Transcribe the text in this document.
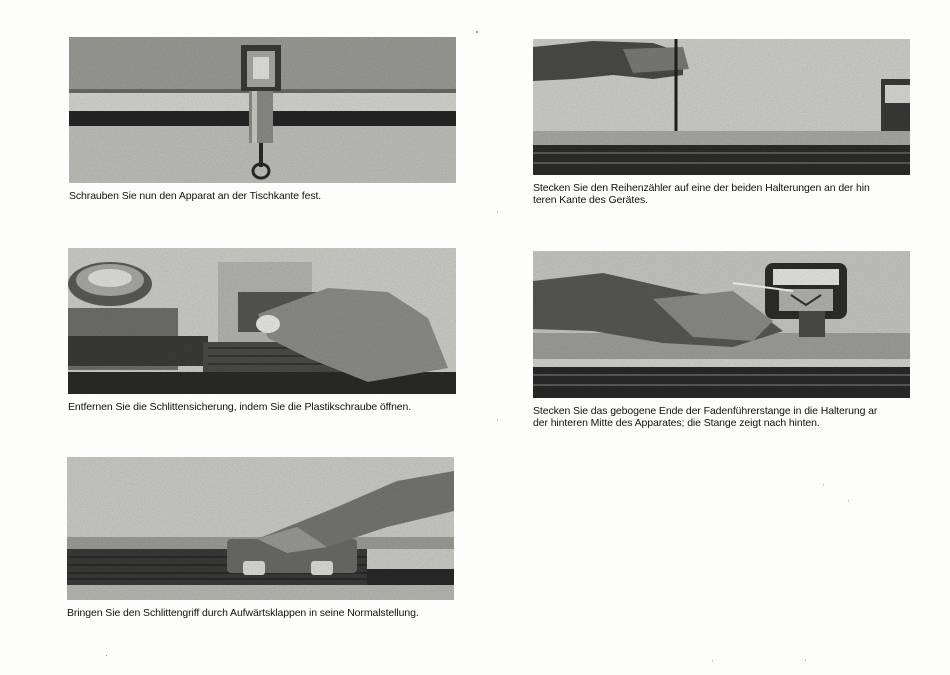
Schrauben Sie nun den Apparat an der Tischkante fest.
Stecken Sie den Reihenzähler auf eine der beiden Halterungen an der hin
teren Kante des Gerätes.
Entfernen Sie die Schlittensicherung, indem Sie die Plastikschraube öffnen.	Stecken Sie das gebogene Ende der Fadenführerstange in die Halterung ar
der hinteren Mitte des Apparates; die Stange zeigt nach hinten.
Bringen Sie den Schlittengriff durch Aufwärtsklappen in seine Normalstellung.
